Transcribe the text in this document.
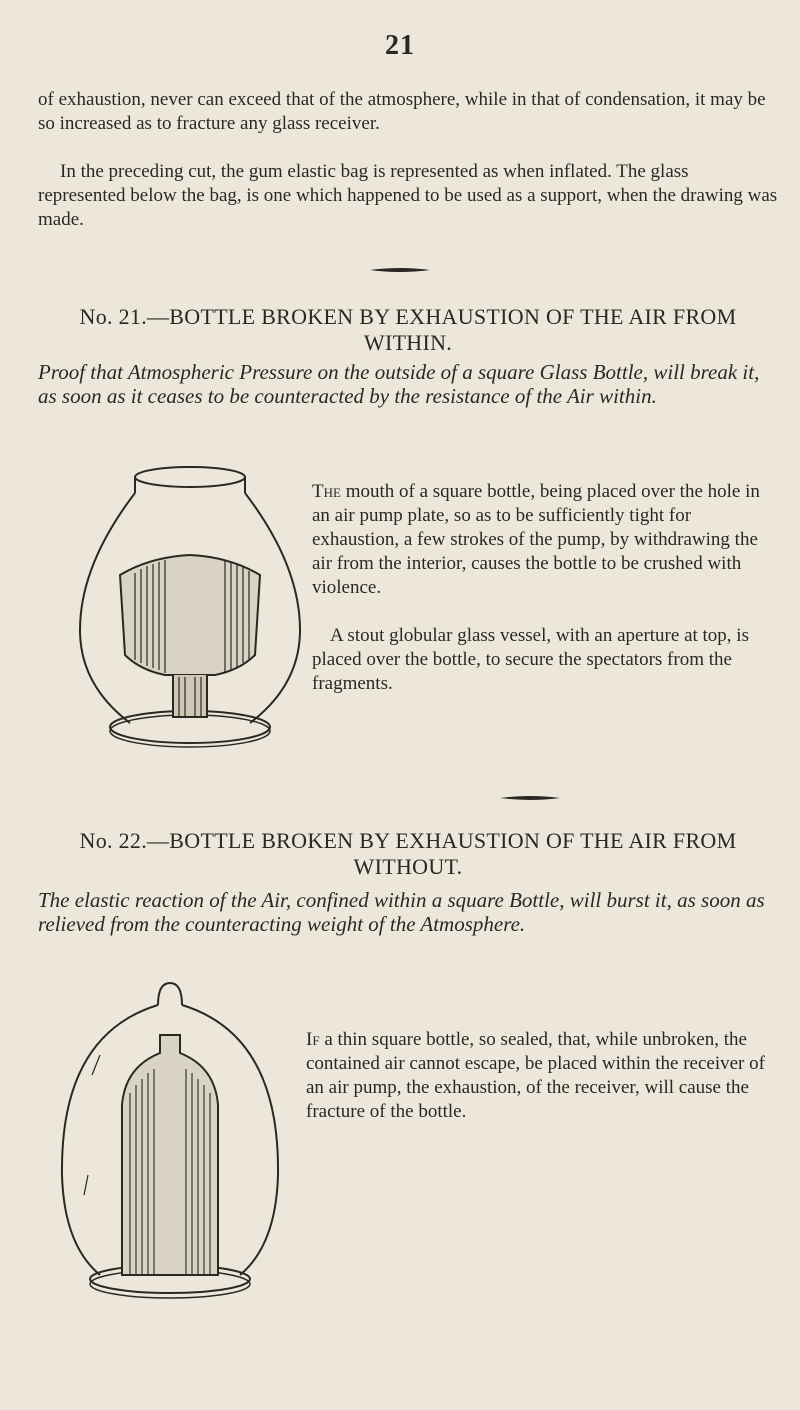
21
of exhaustion, never can exceed that of the atmosphere, while in that of condensation, it may be so increased as to fracture any glass receiver.
In the preceding cut, the gum elastic bag is represented as when inflated. The glass represented below the bag, is one which happened to be used as a support, when the drawing was made.
No. 21.—BOTTLE BROKEN BY EXHAUSTION OF THE AIR FROM WITHIN.
Proof that Atmospheric Pressure on the outside of a square Glass Bottle, will break it, as soon as it ceases to be counteracted by the resistance of the Air within.
The mouth of a square bottle, being placed over the hole in an air pump plate, so as to be sufficiently tight for exhaustion, a few strokes of the pump, by withdrawing the air from the interior, causes the bottle to be crushed with violence.
A stout globular glass vessel, with an aperture at top, is placed over the bottle, to secure the spectators from the fragments.
No. 22.—BOTTLE BROKEN BY EXHAUSTION OF THE AIR FROM WITHOUT.
The elastic reaction of the Air, confined within a square Bottle, will burst it, as soon as relieved from the counteracting weight of the Atmosphere.
If a thin square bottle, so sealed, that, while unbroken, the contained air cannot escape, be placed within the receiver of an air pump, the exhaustion, of the receiver, will cause the fracture of the bottle.
